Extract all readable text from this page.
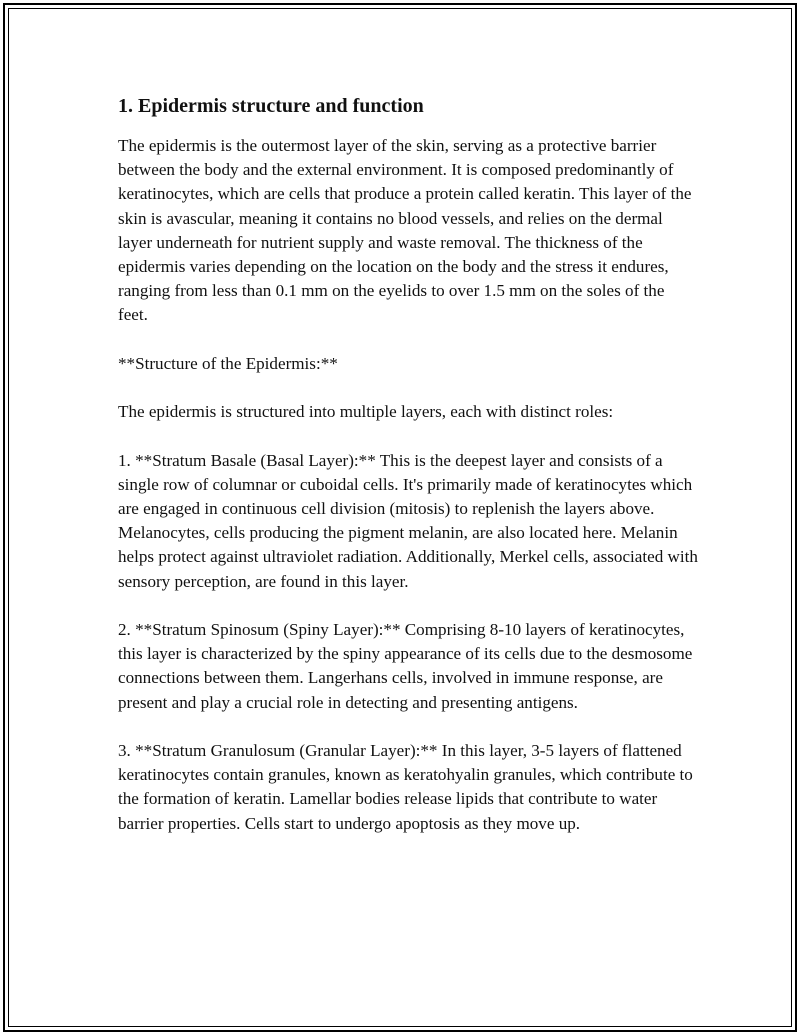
1. Epidermis structure and function

The epidermis is the outermost layer of the skin, serving as a protective barrier between the body and the external environment. It is composed predominantly of keratinocytes, which are cells that produce a protein called keratin. This layer of the skin is avascular, meaning it contains no blood vessels, and relies on the dermal layer underneath for nutrient supply and waste removal. The thickness of the epidermis varies depending on the location on the body and the stress it endures, ranging from less than 0.1 mm on the eyelids to over 1.5 mm on the soles of the feet.

**Structure of the Epidermis:**

The epidermis is structured into multiple layers, each with distinct roles:

1. **Stratum Basale (Basal Layer):** This is the deepest layer and consists of a single row of columnar or cuboidal cells. It's primarily made of keratinocytes which are engaged in continuous cell division (mitosis) to replenish the layers above. Melanocytes, cells producing the pigment melanin, are also located here. Melanin helps protect against ultraviolet radiation. Additionally, Merkel cells, associated with sensory perception, are found in this layer.

2. **Stratum Spinosum (Spiny Layer):** Comprising 8-10 layers of keratinocytes, this layer is characterized by the spiny appearance of its cells due to the desmosome connections between them. Langerhans cells, involved in immune response, are present and play a crucial role in detecting and presenting antigens.

3. **Stratum Granulosum (Granular Layer):** In this layer, 3-5 layers of flattened keratinocytes contain granules, known as keratohyalin granules, which contribute to the formation of keratin. Lamellar bodies release lipids that contribute to water barrier properties. Cells start to undergo apoptosis as they move up.
